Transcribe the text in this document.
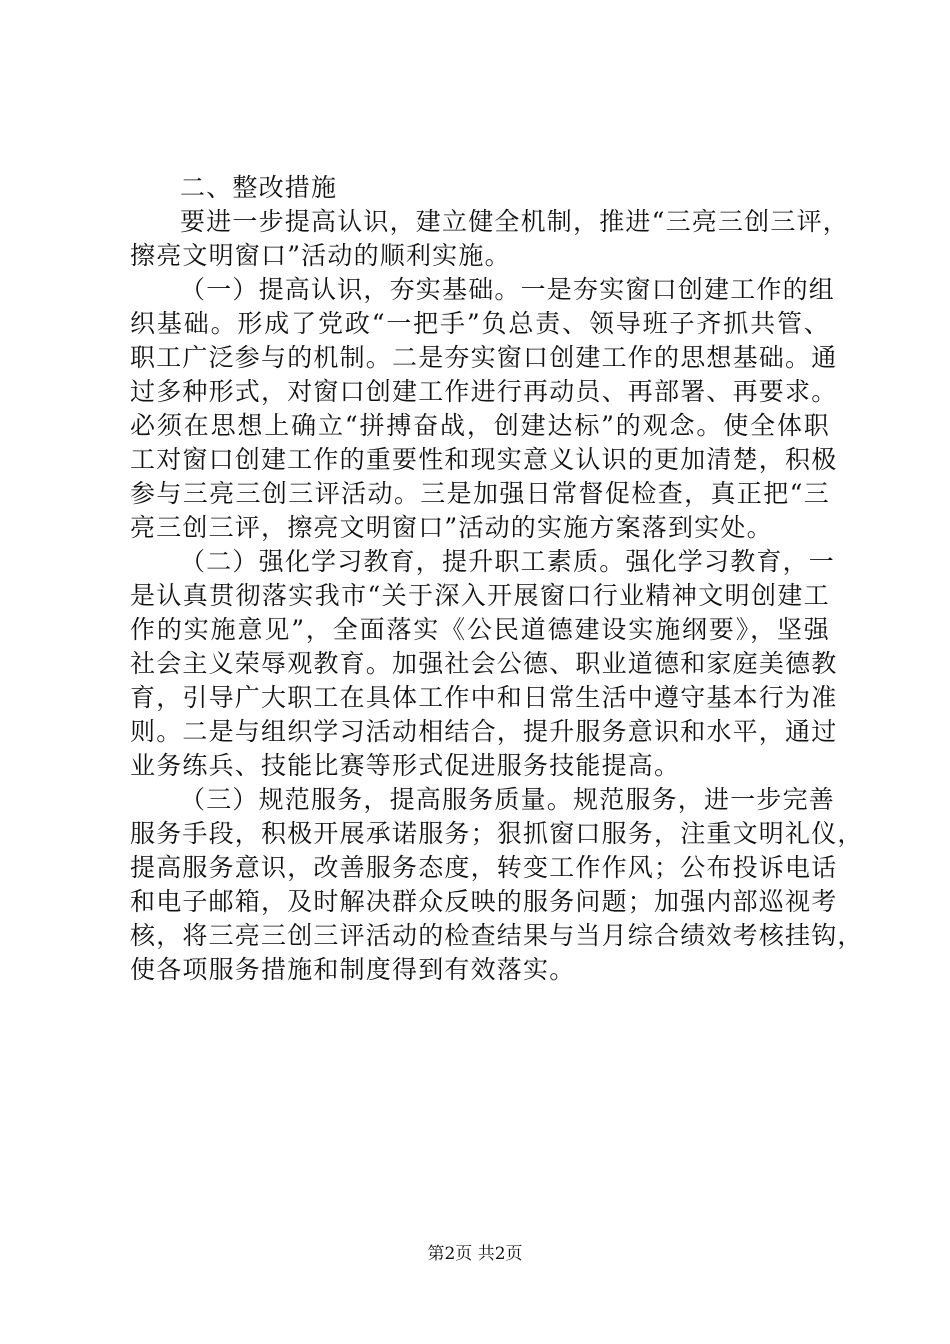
二、整改措施
要进一步提高认识，建立健全机制，推进“三亮三创三评，
擦亮文明窗口”活动的顺利实施。
（一）提高认识，夯实基础。一是夯实窗口创建工作的组
织基础。形成了党政“一把手”负总责、领导班子齐抓共管、
职工广泛参与的机制。二是夯实窗口创建工作的思想基础。通
过多种形式，对窗口创建工作进行再动员、再部署、再要求。
必须在思想上确立“拼搏奋战，创建达标”的观念。使全体职
工对窗口创建工作的重要性和现实意义认识的更加清楚，积极
参与三亮三创三评活动。三是加强日常督促检查，真正把“三
亮三创三评，擦亮文明窗口”活动的实施方案落到实处。
（二）强化学习教育，提升职工素质。强化学习教育，一
是认真贯彻落实我市“关于深入开展窗口行业精神文明创建工
作的实施意见”，全面落实《公民道德建设实施纲要》，坚强
社会主义荣辱观教育。加强社会公德、职业道德和家庭美德教
育，引导广大职工在具体工作中和日常生活中遵守基本行为准
则。二是与组织学习活动相结合，提升服务意识和水平，通过
业务练兵、技能比赛等形式促进服务技能提高。
（三）规范服务，提高服务质量。规范服务，进一步完善
服务手段，积极开展承诺服务；狠抓窗口服务，注重文明礼仪，
提高服务意识，改善服务态度，转变工作作风；公布投诉电话
和电子邮箱，及时解决群众反映的服务问题；加强内部巡视考
核，将三亮三创三评活动的检查结果与当月综合绩效考核挂钩，
使各项服务措施和制度得到有效落实。
第2页 共2页
